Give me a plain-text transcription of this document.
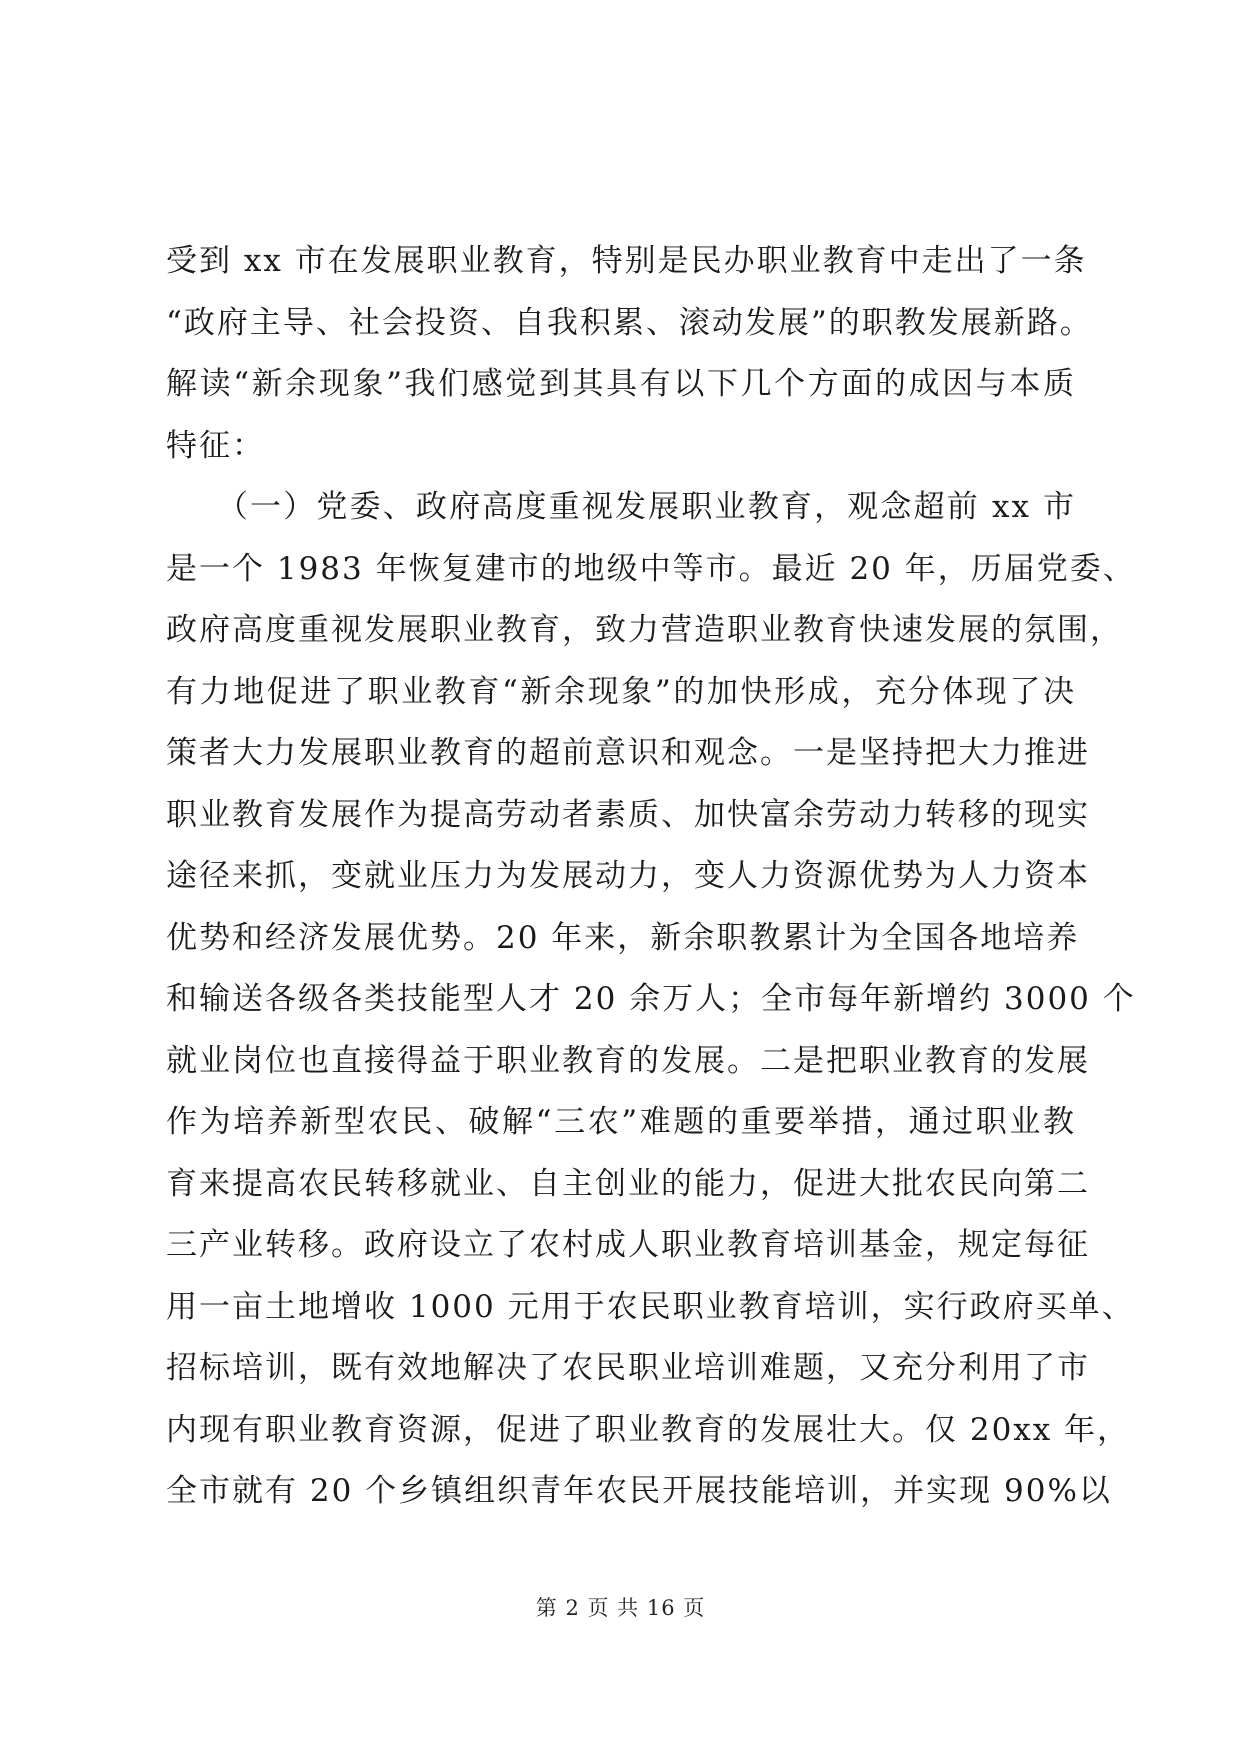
受到 xx 市在发展职业教育，特别是民办职业教育中走出了一条
“政府主导、社会投资、自我积累、滚动发展”的职教发展新路。
解读“新余现象”我们感觉到其具有以下几个方面的成因与本质
特征：
　　（一）党委、政府高度重视发展职业教育，观念超前 xx 市
是一个 1983 年恢复建市的地级中等市。最近 20 年，历届党委、
政府高度重视发展职业教育，致力营造职业教育快速发展的氛围，
有力地促进了职业教育“新余现象”的加快形成，充分体现了决
策者大力发展职业教育的超前意识和观念。一是坚持把大力推进
职业教育发展作为提高劳动者素质、加快富余劳动力转移的现实
途径来抓，变就业压力为发展动力，变人力资源优势为人力资本
优势和经济发展优势。20 年来，新余职教累计为全国各地培养
和输送各级各类技能型人才 20 余万人；全市每年新增约 3000 个
就业岗位也直接得益于职业教育的发展。二是把职业教育的发展
作为培养新型农民、破解“三农”难题的重要举措，通过职业教
育来提高农民转移就业、自主创业的能力，促进大批农民向第二
三产业转移。政府设立了农村成人职业教育培训基金，规定每征
用一亩土地增收 1000 元用于农民职业教育培训，实行政府买单、
招标培训，既有效地解决了农民职业培训难题，又充分利用了市
内现有职业教育资源，促进了职业教育的发展壮大。仅 20xx 年，
全市就有 20 个乡镇组织青年农民开展技能培训，并实现 90%以
第 2 页 共 16 页
